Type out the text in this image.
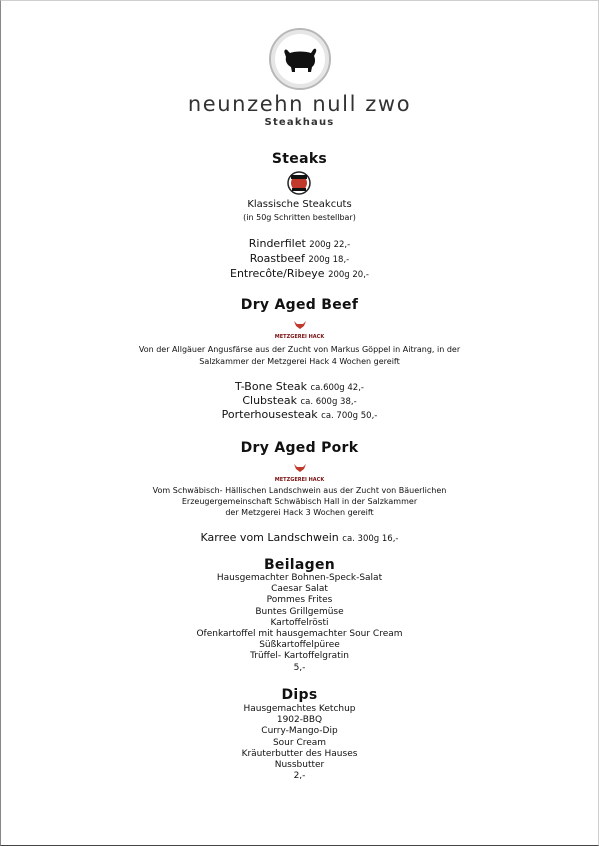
neunzehn null zwo
Steakhaus
Steaks
Klassische Steakcuts
(in 50g Schritten bestellbar)
Rinderfilet 200g 22,-
Roastbeef 200g 18,-
Entrecôte/Ribeye 200g 20,-
Dry Aged Beef
METZGEREI HACK
Von der Allgäuer Angusfärse aus der Zucht von Markus Göppel in Aitrang, in der
Salzkammer der Metzgerei Hack 4 Wochen gereift
T-Bone Steak ca.600g 42,-
Clubsteak ca. 600g 38,-
Porterhousesteak ca. 700g 50,-
Dry Aged Pork
METZGEREI HACK
Vom Schwäbisch- Hällischen Landschwein aus der Zucht von Bäuerlichen
Erzeugergemeinschaft Schwäbisch Hall in der Salzkammer
der Metzgerei Hack 3 Wochen gereift
Karree vom Landschwein ca. 300g 16,-
Beilagen
Hausgemachter Bohnen-Speck-Salat
Caesar Salat
Pommes Frites
Buntes Grillgemüse
Kartoffelrösti
Ofenkartoffel mit hausgemachter Sour Cream
Süßkartoffelpüree
Trüffel- Kartoffelgratin
5,-
Dips
Hausgemachtes Ketchup
1902-BBQ
Curry-Mango-Dip
Sour Cream
Kräuterbutter des Hauses
Nussbutter
2,-
